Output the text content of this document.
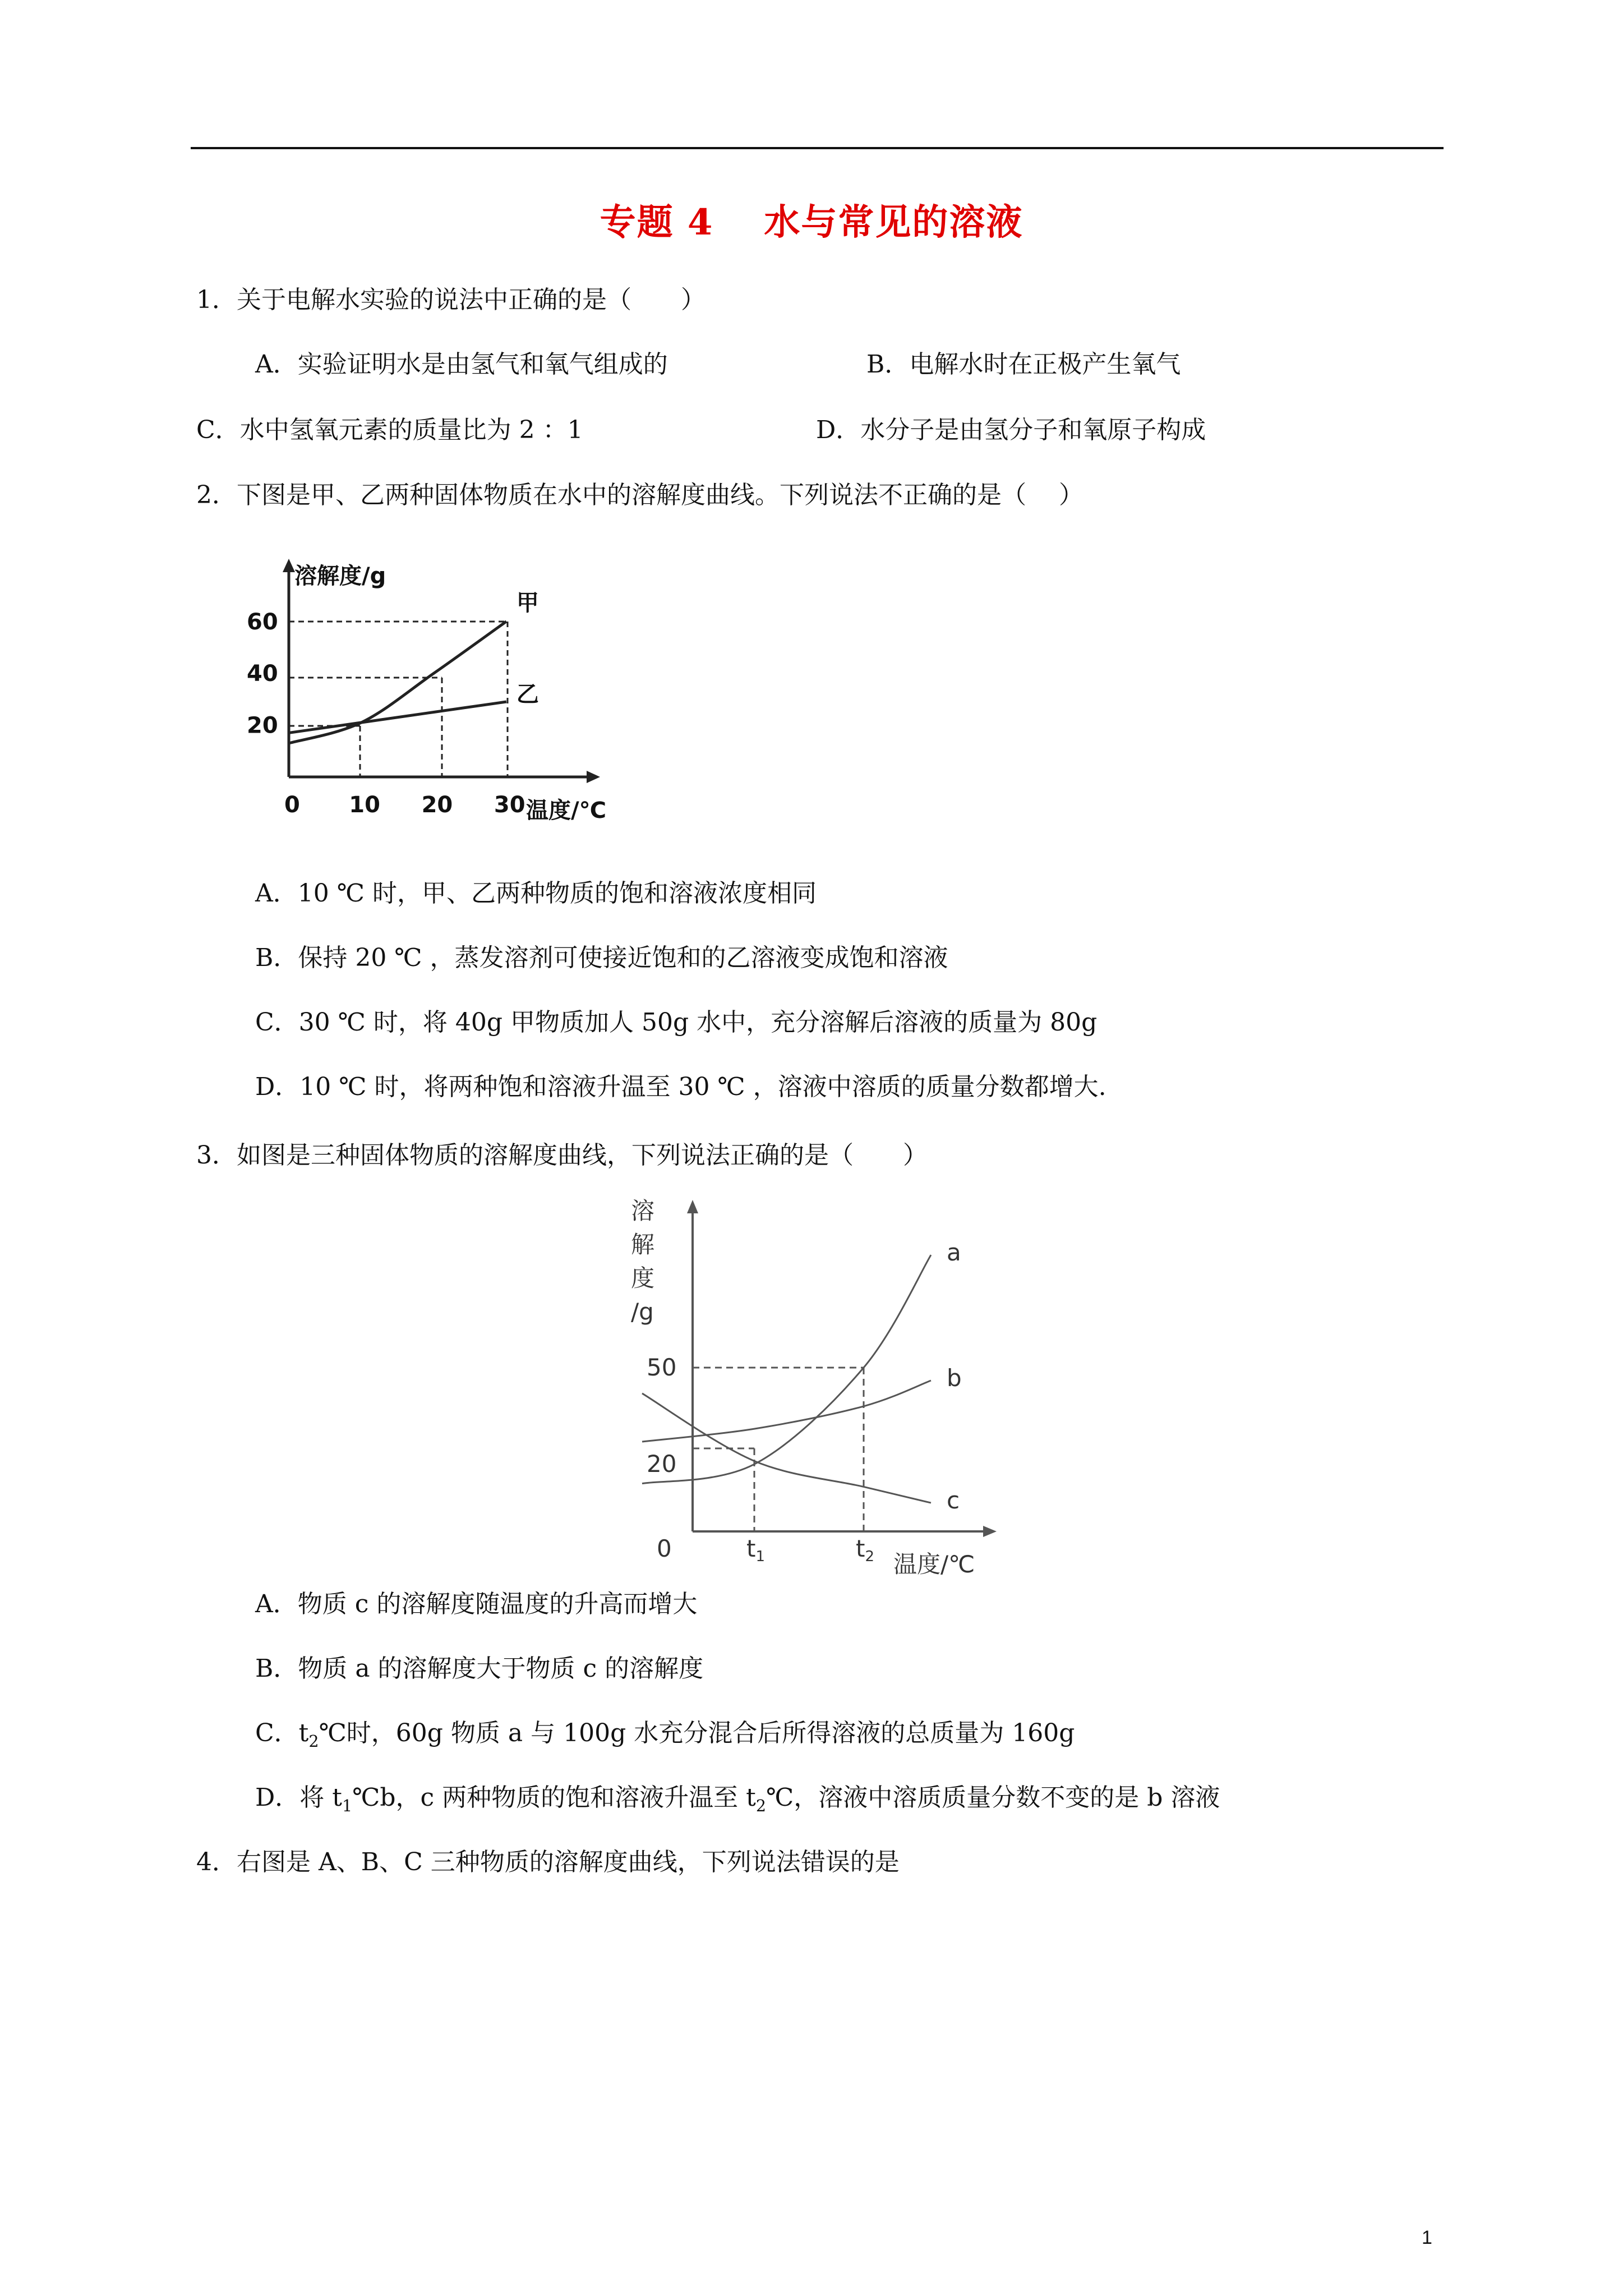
专题 4 水与常见的溶液
1．关于电解水实验的说法中正确的是（　　）
A．实验证明水是由氢气和氧气组成的	B．电解水时在正极产生氧气
C．水中氢氧元素的质量比为 2 ：1	D．水分子是由氢分子和氧原子构成
2．下图是甲、乙两种固体物质在水中的溶解度曲线。下列说法不正确的是（　 ）
甲
乙
0 10 20 30
20
40
60
溶解度/g
温度/℃
A．10 ℃ 时，甲、乙两种物质的饱和溶液浓度相同
B．保持 20 ℃ ，蒸发溶剂可使接近饱和的乙溶液变成饱和溶液
C．30 ℃ 时，将 40g 甲物质加人 50g 水中，充分溶解后溶液的质量为 80g
D．10 ℃ 时，将两种饱和溶液升温至 30 ℃ ，溶液中溶质的质量分数都增大.
3．如图是三种固体物质的溶解度曲线，下列说法正确的是（　　）
a
b
c
20
50
0	t1	t2
溶
解
度
/g
温度/℃
A．物质 c 的溶解度随温度的升高而增大
B．物质 a 的溶解度大于物质 c 的溶解度
C．$t_2℃$时，60g 物质 a 与 100g 水充分混合后所得溶液的总质量为 160g
D．将 $t_1℃b$，c 两种物质的饱和溶液升温至 $t_2℃$，溶液中溶质质量分数不变的是 b 溶液
4．右图是 A、B、C 三种物质的溶解度曲线，下列说法错误的是
1
